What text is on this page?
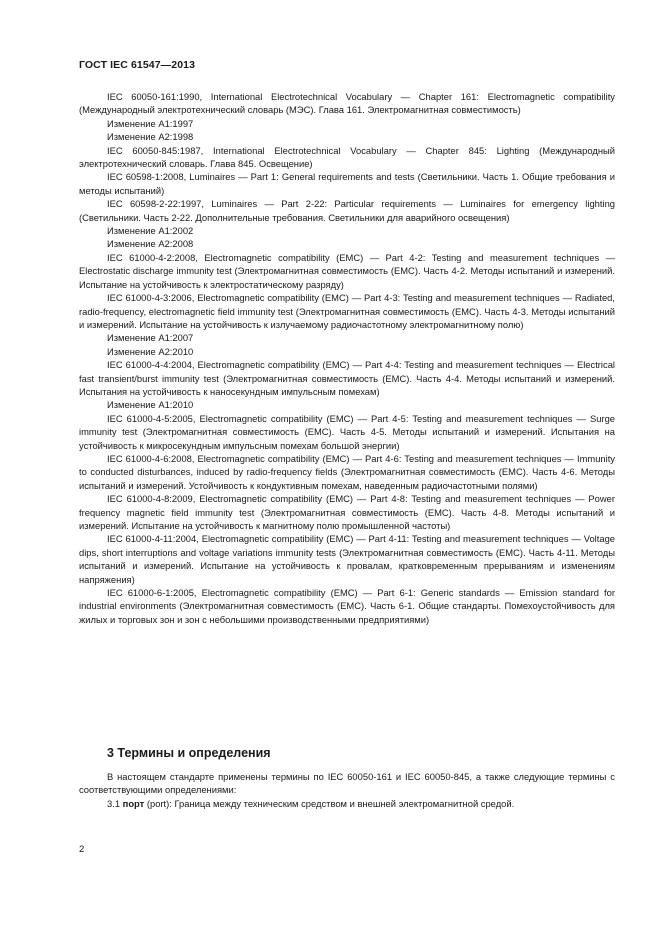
ГОСТ IEC 61547—2013

IEC 60050-161:1990, International Electrotechnical Vocabulary — Chapter 161: Electromagnetic compatibility (Международный электротехнический словарь (МЭС). Глава 161. Электромагнитная совместимость)

Изменение A1:1997

Изменение A2:1998

IEC 60050-845:1987, International Electrotechnical Vocabulary — Chapter 845: Lighting (Международный электротехнический словарь. Глава 845. Освещение)

IEC 60598-1:2008, Luminaires — Part 1: General requirements and tests (Светильники. Часть 1. Общие требования и методы испытаний)

IEC 60598-2-22:1997, Luminaires — Part 2-22: Particular requirements — Luminaires for emergency lighting (Светильники. Часть 2-22. Дополнительные требования. Светильники для аварийного освещения)

Изменение A1:2002

Изменение A2:2008

IEC 61000-4-2:2008, Electromagnetic compatibility (EMC) — Part 4-2: Testing and measurement techniques — Electrostatic discharge immunity test (Электромагнитная совместимость (ЕМС). Часть 4-2. Методы испытаний и измерений. Испытание на устойчивость к электростатическому разряду)

IEC 61000-4-3:2006, Electromagnetic compatibility (EMC) — Part 4-3: Testing and measurement techniques — Radiated, radio-frequency, electromagnetic field immunity test (Электромагнитная совместимость (ЕМС). Часть 4-3. Методы испытаний и измерений. Испытание на устойчивость к излучаемому радиочастотному электромагнитному полю)

Изменение A1:2007

Изменение A2:2010

IEC 61000-4-4:2004, Electromagnetic compatibility (EMC) — Part 4-4: Testing and measurement techniques — Electrical fast transient/burst immunity test (Электромагнитная совместимость (ЕМС). Часть 4-4. Методы испытаний и измерений. Испытания на устойчивость к наносекундным импульсным помехам)

Изменение A1:2010

IEC 61000-4-5:2005, Electromagnetic compatibility (EMC) — Part 4-5: Testing and measurement techniques — Surge immunity test (Электромагнитная совместимость (ЕМС). Часть 4-5. Методы испытаний и измерений. Испытания на устойчивость к микросекундным импульсным помехам большой энергии)

IEC 61000-4-6:2008, Electromagnetic compatibility (EMC) — Part 4-6: Testing and measurement techniques — Immunity to conducted disturbances, induced by radio-frequency fields (Электромагнитная совместимость (ЕМС). Часть 4-6. Методы испытаний и измерений. Устойчивость к кондуктивным помехам, наведенным радиочастотными полями)

IEC 61000-4-8:2009, Electromagnetic compatibility (EMC) — Part 4-8: Testing and measurement techniques — Power frequency magnetic field immunity test (Электромагнитная совместимость (ЕМС). Часть 4-8. Методы испытаний и измерений. Испытание на устойчивость к магнитному полю промышленной частоты)

IEC 61000-4-11:2004, Electromagnetic compatibility (EMC) — Part 4-11: Testing and measurement techniques — Voltage dips, short interruptions and voltage variations immunity tests (Электромагнитная совместимость (ЕМС). Часть 4-11. Методы испытаний и измерений. Испытание на устойчивость к провалам, кратковременным прерываниям и изменениям напряжения)

IEC 61000-6-1:2005, Electromagnetic compatibility (EMC) — Part 6-1: Generic standards — Emission standard for industrial environments (Электромагнитная совместимость (ЕМС). Часть 6-1. Общие стандарты. Помехоустойчивость для жилых и торговых зон и зон с небольшими производственными предприятиями)

3 Термины и определения

В настоящем стандарте применены термины по IEC 60050-161 и IEC 60050-845, а также следующие термины с соответствующими определениями:

3.1 порт (port): Граница между техническим средством и внешней электромагнитной средой.

2
